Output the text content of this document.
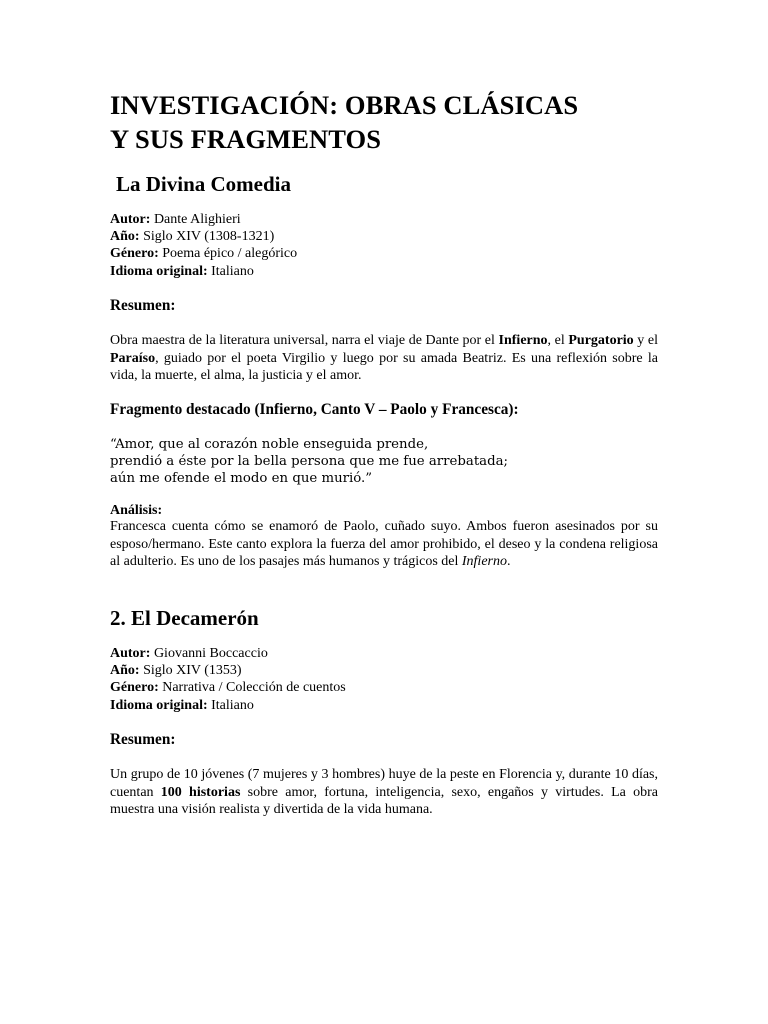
INVESTIGACIÓN: OBRAS CLÁSICAS
Y SUS FRAGMENTOS
La Divina Comedia
Autor: Dante Alighieri
Año: Siglo XIV (1308-1321)
Género: Poema épico / alegórico
Idioma original: Italiano
Resumen:

Obra maestra de la literatura universal, narra el viaje de Dante por el Infierno, el Purgatorio y el Paraíso, guiado por el poeta Virgilio y luego por su amada Beatriz. Es una reflexión sobre la vida, la muerte, el alma, la justicia y el amor.

Fragmento destacado (Infierno, Canto V – Paolo y Francesca):
“Amor, que al corazón noble enseguida prende,
prendió a éste por la bella persona que me fue arrebatada;
aún me ofende el modo en que murió.”
Análisis:

Francesca cuenta cómo se enamoró de Paolo, cuñado suyo. Ambos fueron asesinados por su esposo/hermano. Este canto explora la fuerza del amor prohibido, el deseo y la condena religiosa al adulterio. Es uno de los pasajes más humanos y trágicos del Infierno.

2. El Decamerón
Autor: Giovanni Boccaccio
Año: Siglo XIV (1353)
Género: Narrativa / Colección de cuentos
Idioma original: Italiano
Resumen:

Un grupo de 10 jóvenes (7 mujeres y 3 hombres) huye de la peste en Florencia y, durante 10 días, cuentan 100 historias sobre amor, fortuna, inteligencia, sexo, engaños y virtudes. La obra muestra una visión realista y divertida de la vida humana.
